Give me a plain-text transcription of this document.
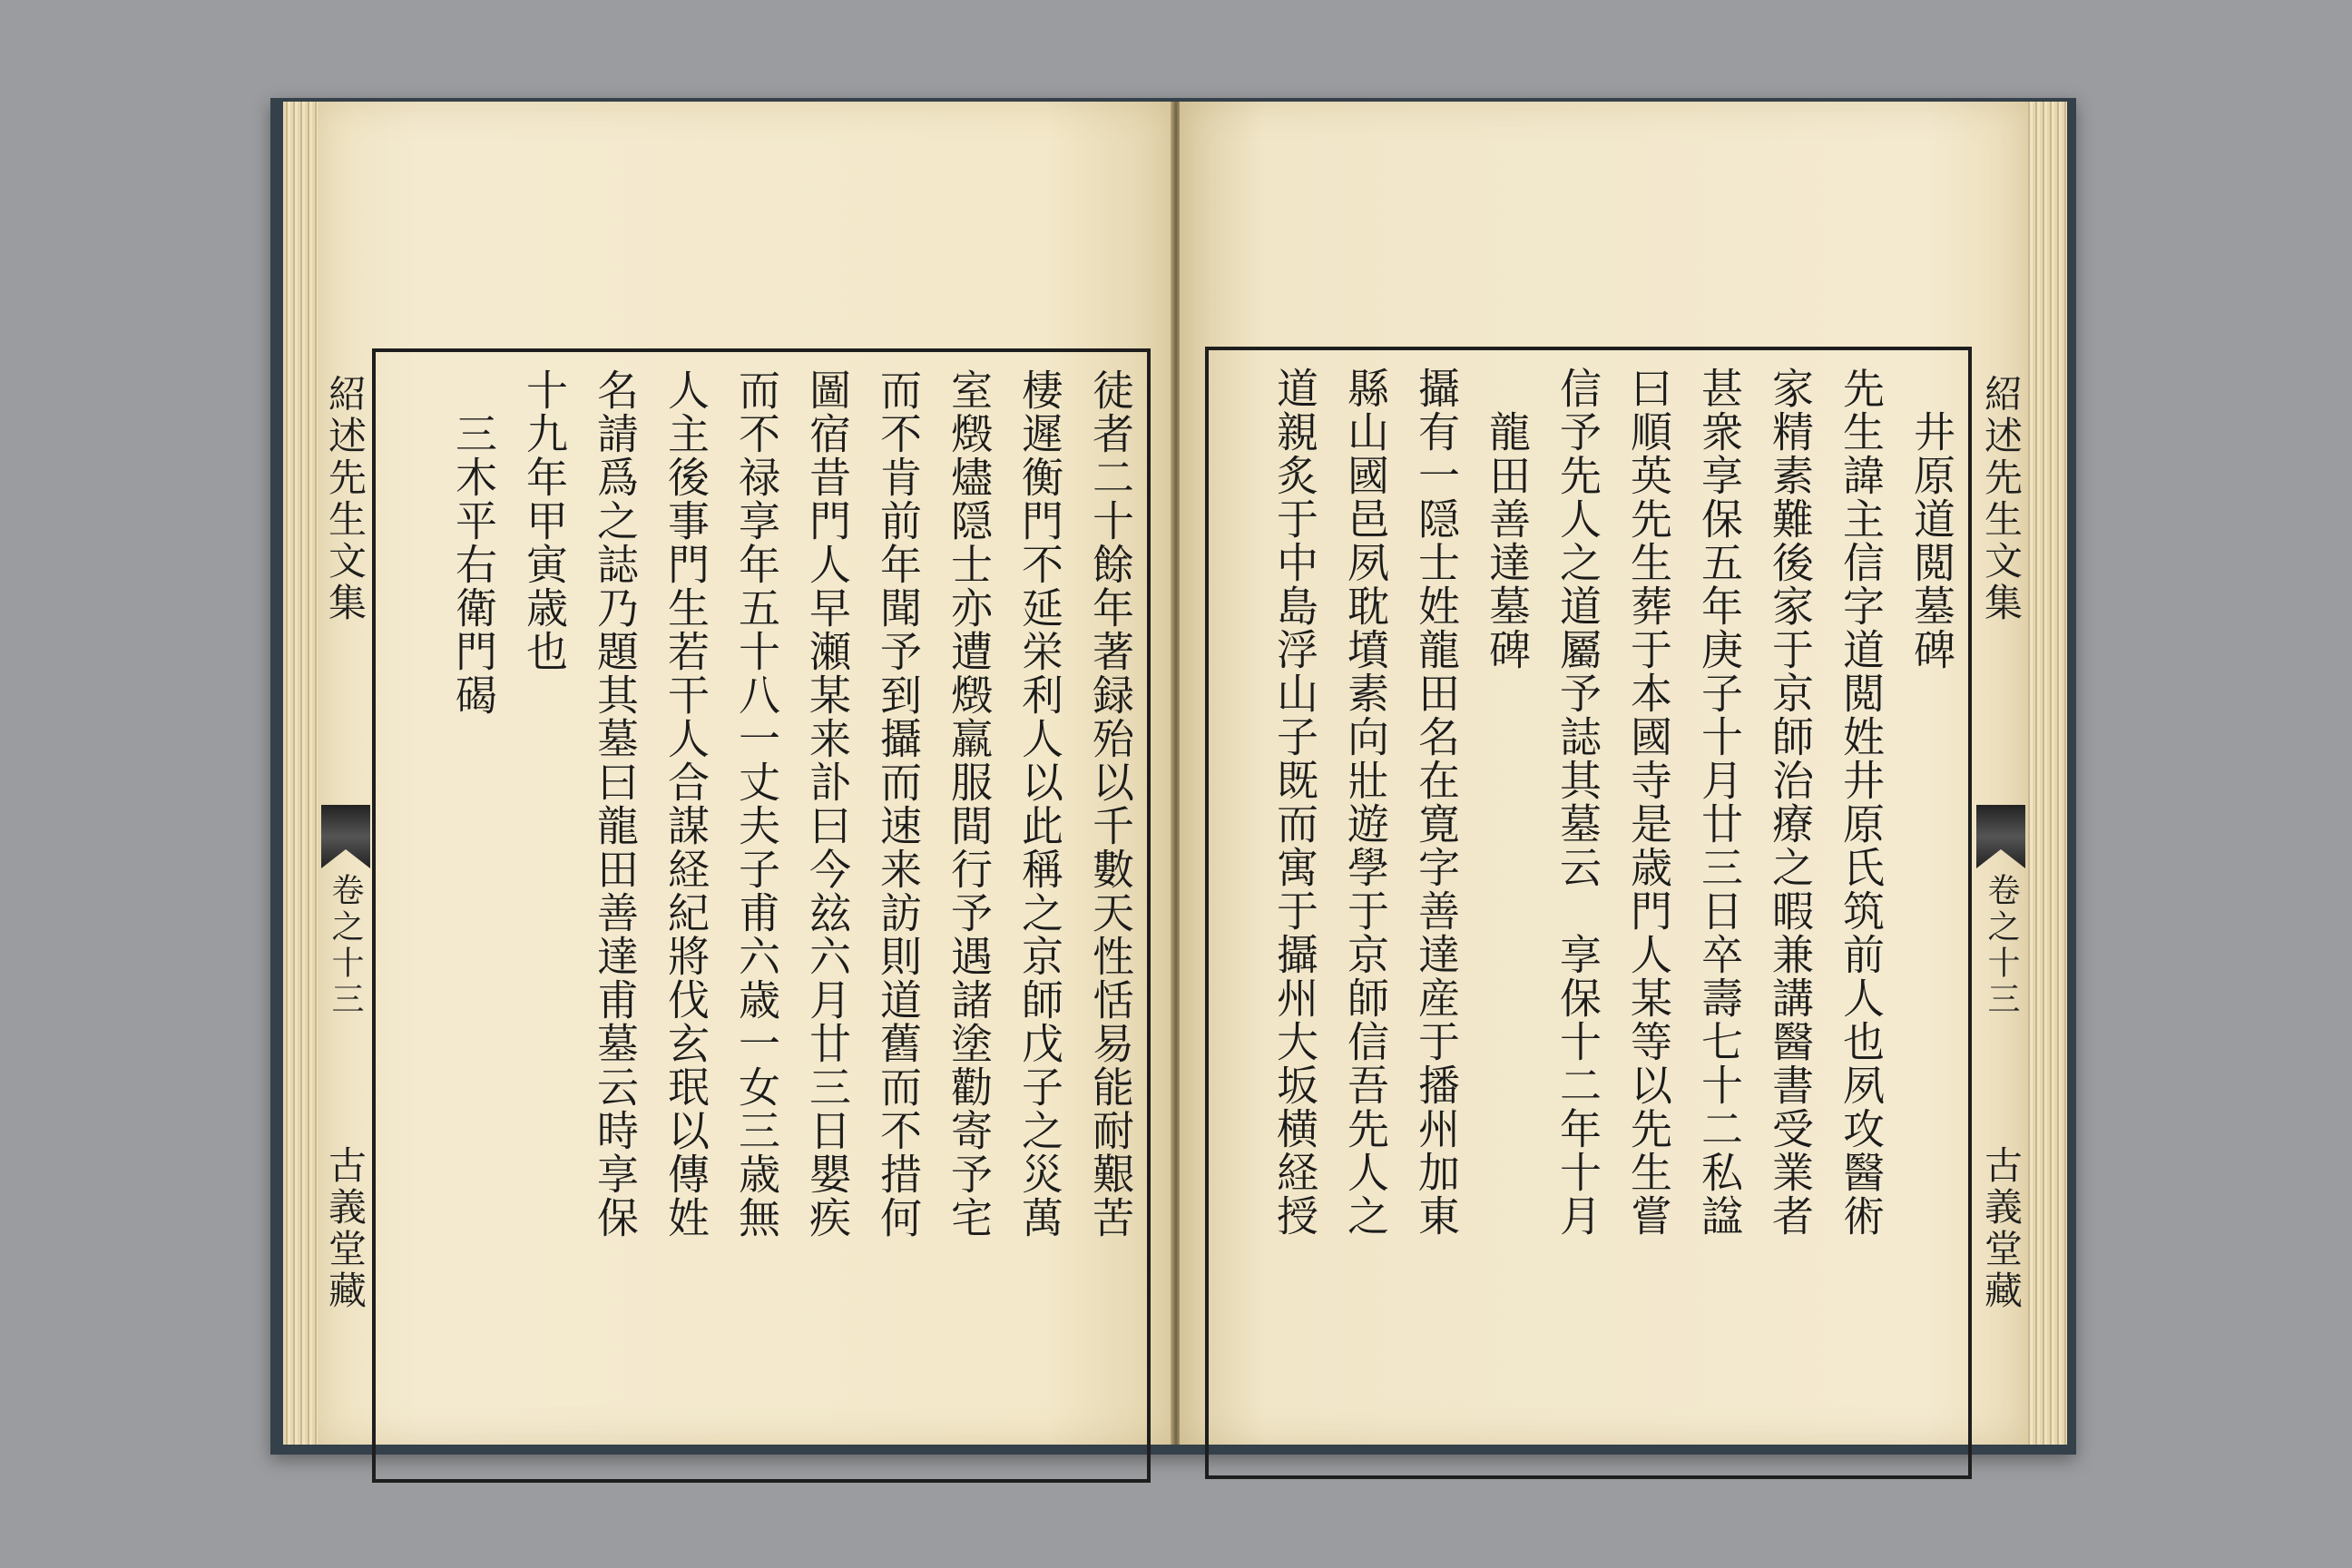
紹述先生文集
卷之十三
古義堂藏	徒者二十餘年著録殆以千數天性恬易能耐艱苦
棲遲衡門不延栄利人以此稱之京師戊子之災萬
室燬燼隠士亦遭燬羸服間行予遇諸塗勸寄予宅
而不肯前年聞予到攝而速来訪則道舊而不措何
圖宿昔門人早瀬某来訃曰今玆六月廿三日嬰疾
而不禄享年五十八一丈夫子甫六歳一女三歳無
人主後事門生若干人合謀経紀將伐玄珉以傳姓
名請爲之誌乃題其墓曰龍田善達甫墓云時享保
十九年甲寅歳也
　三木平右衛門碣	　井原道閲墓碑
先生諱主信字道閲姓井原氏筑前人也夙攻醫術
家精素難後家于京師治療之暇兼講醫書受業者
甚衆享保五年庚子十月廿三日卒壽七十二私諡
曰順英先生葬于本國寺是歳門人某等以先生嘗
信予先人之道屬予誌其墓云　享保十二年十月
　龍田善達墓碑
攝有一隠士姓龍田名在寛字善達産于播州加東
縣山國邑夙耽墳素向壯遊學于京師信吾先人之
道親炙于中島浮山子既而寓于攝州大坂横経授	紹述先生文集
卷之十三
古義堂藏
